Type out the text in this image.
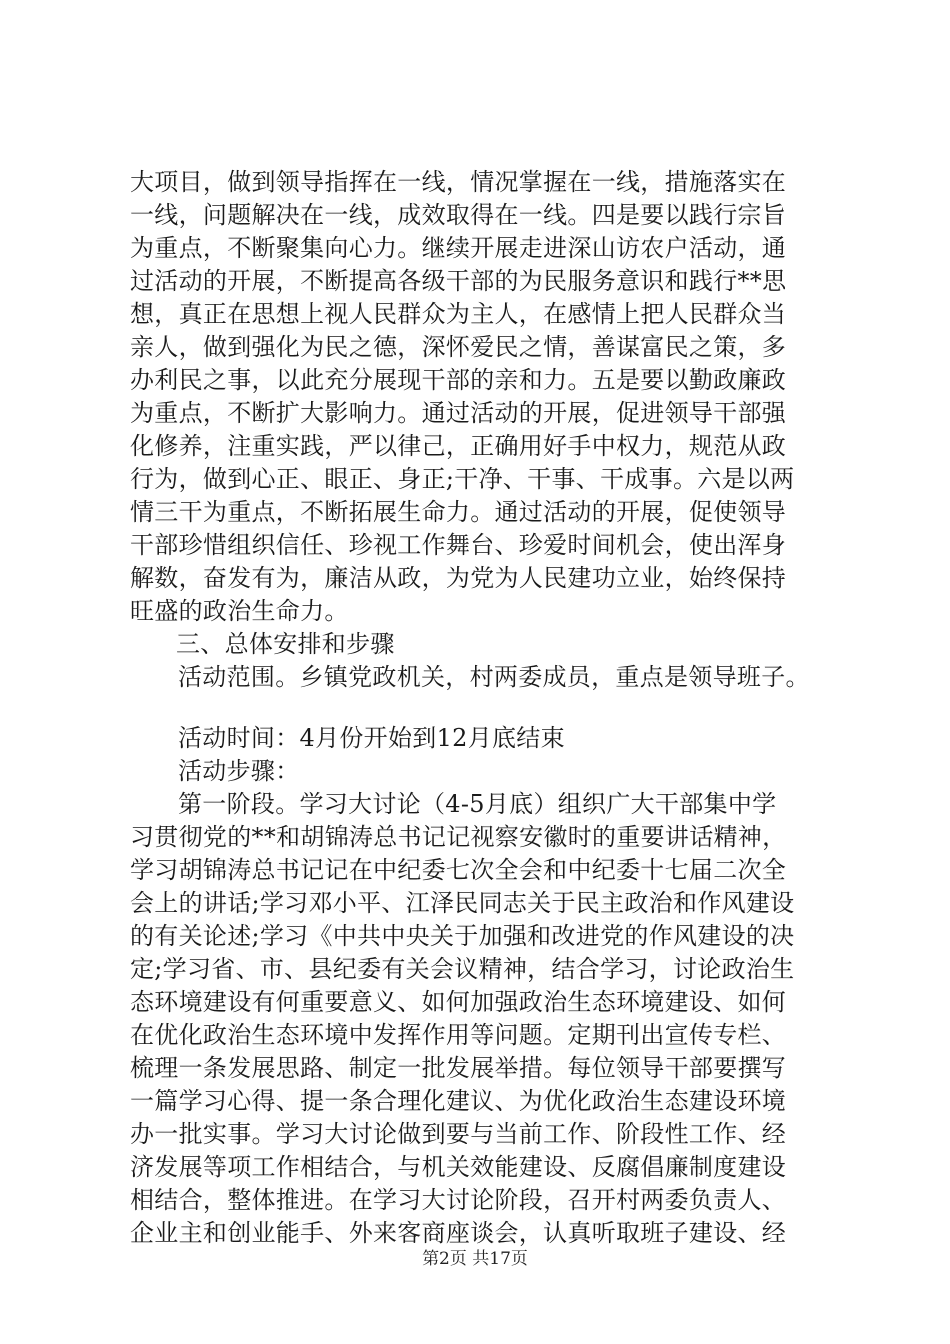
大项目，做到领导指挥在一线，情况掌握在一线，措施落实在
一线，问题解决在一线，成效取得在一线。四是要以践行宗旨
为重点，不断聚集向心力。继续开展走进深山访农户活动，通
过活动的开展，不断提高各级干部的为民服务意识和践行**思
想，真正在思想上视人民群众为主人，在感情上把人民群众当
亲人，做到强化为民之德，深怀爱民之情，善谋富民之策，多
办利民之事，以此充分展现干部的亲和力。五是要以勤政廉政
为重点，不断扩大影响力。通过活动的开展，促进领导干部强
化修养，注重实践，严以律己，正确用好手中权力，规范从政
行为，做到心正、眼正、身正;干净、干事、干成事。六是以两
情三干为重点，不断拓展生命力。通过活动的开展，促使领导
干部珍惜组织信任、珍视工作舞台、珍爱时间机会，使出浑身
解数，奋发有为，廉洁从政，为党为人民建功立业，始终保持
旺盛的政治生命力。
三、总体安排和步骤
活动范围。乡镇党政机关，村两委成员，重点是领导班子。
活动时间：4月份开始到12月底结束
活动步骤：
第一阶段。学习大讨论（4-5月底）组织广大干部集中学
习贯彻党的**和胡锦涛总书记记视察安徽时的重要讲话精神，
学习胡锦涛总书记记在中纪委七次全会和中纪委十七届二次全
会上的讲话;学习邓小平、江泽民同志关于民主政治和作风建设
的有关论述;学习《中共中央关于加强和改进党的作风建设的决
定;学习省、市、县纪委有关会议精神，结合学习，讨论政治生
态环境建设有何重要意义、如何加强政治生态环境建设、如何
在优化政治生态环境中发挥作用等问题。定期刊出宣传专栏、
梳理一条发展思路、制定一批发展举措。每位领导干部要撰写
一篇学习心得、提一条合理化建议、为优化政治生态建设环境
办一批实事。学习大讨论做到要与当前工作、阶段性工作、经
济发展等项工作相结合，与机关效能建设、反腐倡廉制度建设
相结合，整体推进。在学习大讨论阶段，召开村两委负责人、
企业主和创业能手、外来客商座谈会，认真听取班子建设、经
第2页 共17页
